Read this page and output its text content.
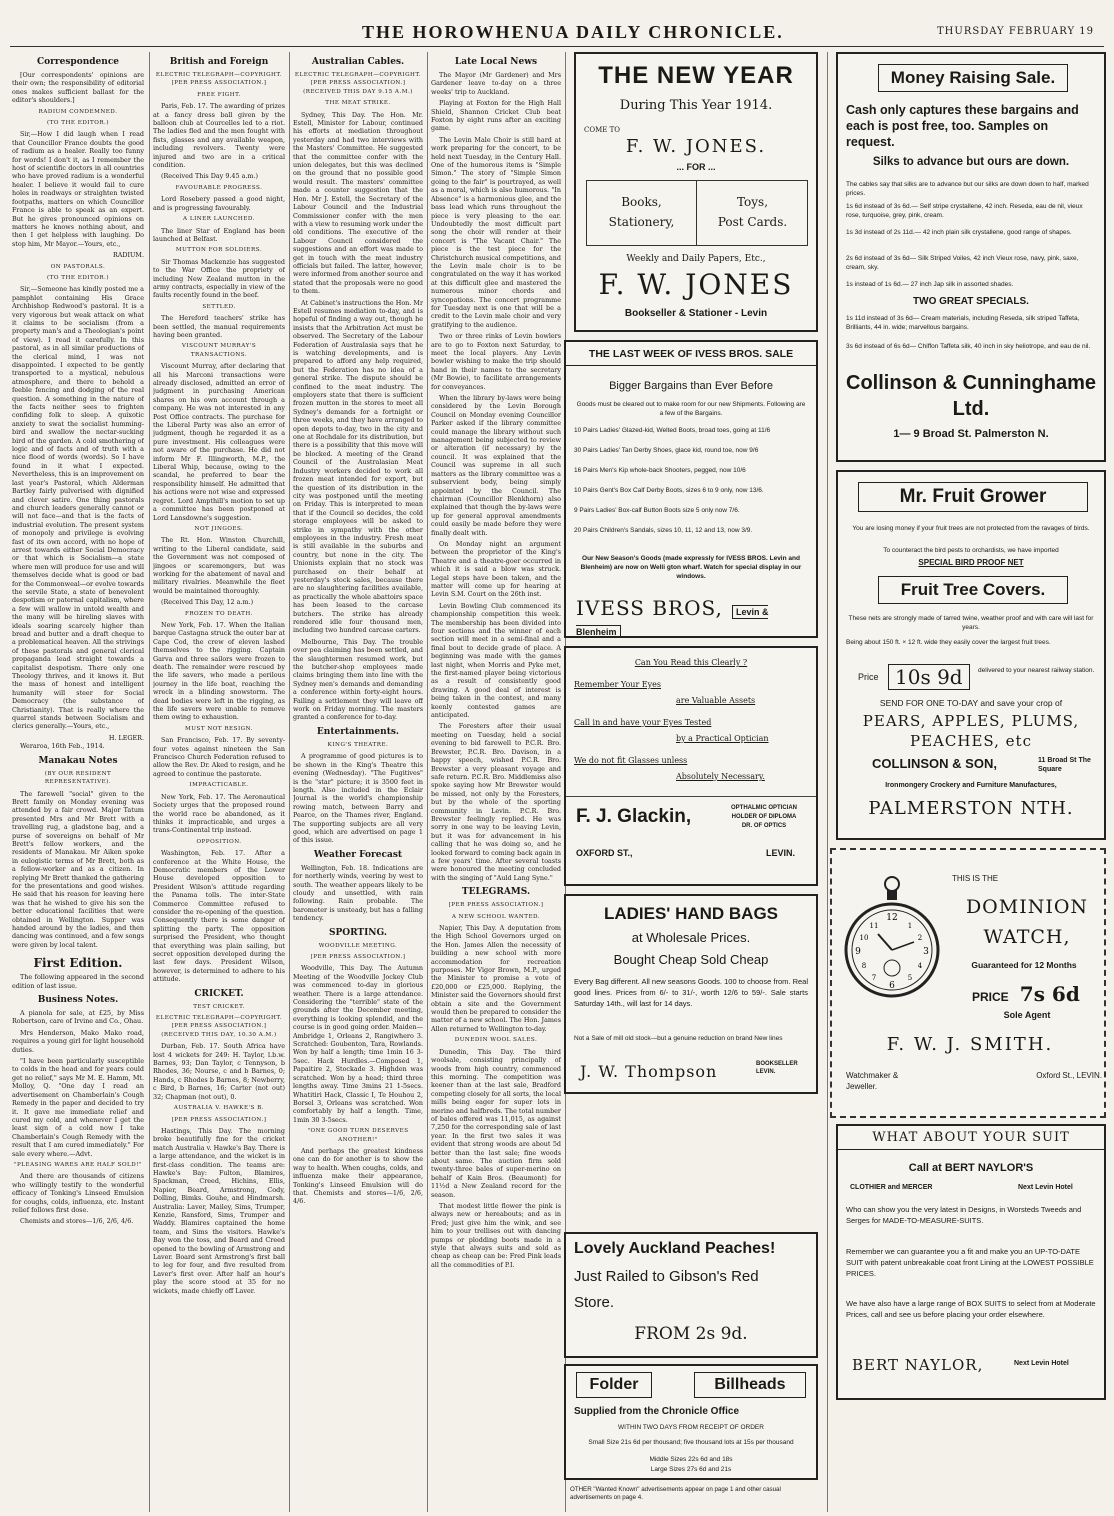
THE HOROWHENUA DAILY CHRONICLE.	THURSDAY FEBRUARY 19
Correspondence

[Our correspondents' opinions are their own; the responsibility of editorial ones makes sufficient ballast for the editor's shoulders.]

RADIUM CONDEMNED.
(TO THE EDITOR.)

Sir,—How I did laugh when I read that Councillor France doubts the good of radium as a healer. Really too funny for words! I don't it, as I remember the host of scientific doctors in all countries who have proved radium is a wonderful healer. I believe it would fail to cure holes in roadways or straighten twisted footpaths, matters on which Councillor France is able to speak as an expert. But he gives pronounced opinions on matters he knows nothing about, and then I get helpless with laughing. Do stop him, Mr Mayor.—Yours, etc.,

RADIUM.
ON PASTORALS.
(TO THE EDITOR.)

Sir,—Someone has kindly posted me a pamphlet containing His Grace Archbishop Redwood's pastoral. It is a very vigorous but weak attack on what it claims to be socialism (from a property man's and a Theologian's point of view). I read it carefully. In this pastoral, as in all similar productions of the clerical mind, I was not disappointed. I expected to be gently transported to a mystical, nebulous atmosphere, and there to behold a feeble fencing and dodging of the real question. A something in the nature of the facts neither sees to frighten confiding folk to sleep. A quixotic anxiety to swat the socialist humming-bird and swallow the nectar-sucking bird of the garden. A cold smothering of logic and of facts and of truth with a nice flood of words (words). So I have found in it what I expected. Nevertheless, this is an improvement on last year's Pastoral, which Alderman Bartley fairly pulverised with dignified and clever satire. One thing pastorals and church leaders generally cannot or will not face—and that is the facts of industrial evolution. The present system of monopoly and privilege is evolving fast of its own accord, with no hope of arrest towards either Social Democracy or that which is Socialism—a state where men will produce for use and will themselves decide what is good or bad for the Commonweal—or evolve towards the servile State, a state of benevolent despotism or paternal capitalism, where a few will wallow in untold wealth and the many will be hireling slaves with ideals soaring scarcely higher than bread and butter and a draft cheque to a problematical heaven. All the strivings of these pastorals and general clerical propaganda lead straight towards a capitalist despotism. There only one Theology thrives, and it knows it. But the mass of honest and intelligent humanity will steer for Social Democracy (the substance of Christianity). That is really where the quarrel stands between Socialism and clerics generally.—Yours, etc.,

H. LEGER.

Weraroa, 16th Feb., 1914.

Manakau Notes
(BY OUR RESIDENT REPRESENTATIVE).

The farewell "social" given to the Brett family on Monday evening was attended by a fair crowd. Major Tatum presented Mrs and Mr Brett with a travelling rug, a gladstone bag, and a purse of sovereigns on behalf of Mr Brett's fellow workers, and the residents of Manakau. Mr Aiken spoke in eulogistic terms of Mr Brett, both as a fellow-worker and as a citizen. In replying Mr Brett thanked the gathering for the presentations and good wishes. He said that his reason for leaving here was that he wished to give his son the better educational facilities that were obtained in Wellington. Supper was handed around by the ladies, and then dancing was continued, and a few songs were given by local talent.

First Edition.

The following appeared in the second edition of last issue.

Business Notes.

A pianola for sale, at £25, by Miss Robertson, care of Irvine and Co., Ohau.

Mrs Henderson, Mako Mako road, requires a young girl for light household duties.

"I have been particularly susceptible to colds in the head and for years could get no relief," says Mr M. E. Hamm, Mt. Molloy, Q. "One day I read an advertisement on Chamberlain's Cough Remedy in the paper and decided to try it. It gave me immediate relief and cured my cold, and whenever I get the least sign of a cold now I take Chamberlain's Cough Remedy with the result that I am cured immediately." For sale every where.—Advt.

"PLEASING WARES ARE HALF SOLD!"

And there are thousands of citizens who willingly testify to the wonderful efficacy of Tonking's Linseed Emulsion for coughs, colds, influenza, etc. Instant relief follows first dose.

Chemists and stores—1/6, 2/6, 4/6.

British and Foreign
ELECTRIC TELEGRAPH—COPYRIGHT. [PER PRESS ASSOCIATION.]
FREE FIGHT.

Paris, Feb. 17. The awarding of prizes at a fancy dress ball given by the balloon club at Courcelles led to a riot. The ladies fled and the men fought with fists, glasses and any available weapon, including revolvers. Twenty were injured and two are in a critical condition.

(Received This Day 9.45 a.m.)

FAVOURABLE PROGRESS.

Lord Rosebery passed a good night, and is progressing favourably.

A LINER LAUNCHED.

The liner Star of England has been launched at Belfast.

MUTTON FOR SOLDIERS.

Sir Thomas Mackenzie has suggested to the War Office the propriety of including New Zealand mutton in the army contracts, especially in view of the faults recently found in the beef.

SETTLED.

The Hereford teachers' strike has been settled, the manual requirements having been granted.

VISCOUNT MURRAY'S TRANSACTIONS.

Viscount Murray, after declaring that all his Marconi transactions were already disclosed, admitted an error of judgment in purchasing American shares on his own account through a company. He was not interested in any Post Office contracts. The purchase for the Liberal Party was also an error of judgment, though he regarded it as a pure investment. His colleagues were not aware of the purchase. He did not inform Mr F. Illingworth, M.P., the Liberal Whip, because, owing to the scandal, he preferred to bear the responsibility himself. He admitted that his actions were not wise and expressed regret. Lord Ampthill's motion to set up a committee has been postponed at Lord Lansdowne's suggestion.

NOT JINGOES.

The Rt. Hon. Winston Churchill, writing to the Liberal candidate, said the Government was not composed of jingoes or scaremongers, but was working for the abatement of naval and military rivalries. Meanwhile the fleet would be maintained thoroughly.

(Received This Day, 12 a.m.)

FROZEN TO DEATH.

New York, Feb. 17. When the Italian barque Castagna struck the outer bar at Cape Cod, the crew of eleven lashed themselves to the rigging. Captain Garva and three sailors were frozen to death. The remainder were rescued by the life savers, who made a perilous journey in the life boat, reaching the wreck in a blinding snowstorm. The dead bodies were left in the rigging, as the life savers were unable to remove them owing to exhaustion.

MUST NOT RESIGN.

San Francisco, Feb. 17. By seventy-four votes against nineteen the San Francisco Church Federation refused to allow the Rev. Dr. Aked to resign, and he agreed to continue the pastorate.

IMPRACTICABLE.

New York, Feb. 17. The Aeronautical Society urges that the proposed round the world race be abandoned, as it thinks it impracticable, and urges a trans-Continental trip instead.

OPPOSITION.

Washington, Feb. 17. After a conference at the White House, the Democratic members of the Lower House developed opposition to President Wilson's attitude regarding the Panama tolls. The inter-State Commerce Committee refused to consider the re-opening of the question. Consequently there is some danger of splitting the party. The opposition surprised the President, who thought that everything was plain sailing, but secret opposition developed during the last few days. President Wilson, however, is determined to adhere to his attitude.

CRICKET.
TEST CRICKET.
ELECTRIC TELEGRAPH—COPYRIGHT. [PER PRESS ASSOCIATION.] (RECEIVED THIS DAY, 10.30 A.M.)

Durban, Feb. 17. South Africa have lost 4 wickets for 249: H. Taylor, l.b.w. Barnes, 93; Dan Taylor, c Tennyson, b Rhodes, 36; Nourse, c and b Barnes, 0; Hands, c Rhodes b Barnes, 8; Newberry, c Bird, b Barnes, 16; Carter (not out) 32; Chapman (not out), 0.

AUSTRALIA V. HAWKE'S B.
[PER PRESS ASSOCIATION.]

Hastings, This Day. The morning broke beautifully fine for the cricket match Australia v. Hawke's Bay. There is a large attendance, and the wicket is in first-class condition. The teams are: Hawke's Bay: Fulton, Blamires, Spackman, Creed, Hichins, Ellis, Napier, Beard, Armstrong, Cody, Dolling, Bimks. Gouhe, and Hindmarsh. Australia: Laver, Mailey, Sims, Trumper, Kenzie, Ransford, Sims, Trumper and Waddy. Blamires captained the home team, and Sims the visitors. Hawke's Bay won the toss, and Beard and Creed opened to the bowling of Armstrong and Laver. Board sent Armstrong's first ball to leg for four, and five resulted from Laver's first over. After half an hour's play the score stood at 35 for no wickets, made chiefly off Laver.

Australian Cables.
ELECTRIC TELEGRAPH—COPYRIGHT. [PER PRESS ASSOCIATION.] (RECEIVED THIS DAY 9.15 A.M.)
THE MEAT STRIKE.

Sydney, This Day. The Hon. Mr. Estell, Minister for Labour, continued his efforts at mediation throughout yesterday and had two interviews with the Masters' Committee. He suggested that the committee confer with the union delegates, but this was declined on the ground that no possible good would result. The masters' committee made a counter suggestion that the Hon. Mr J. Estell, the Secretary of the Labour Council and the Industrial Commissioner confer with the men with a view to resuming work under the old conditions. The executive of the Labour Council considered the suggestions and an effort was made to get in touch with the meat industry officials but failed. The latter, however, were informed from another source and stated that the proposals were no good to them.

At Cabinet's instructions the Hon. Mr Estell resumes mediation to-day, and is hopeful of finding a way out, though he insists that the Arbitration Act must be observed. The Secretary of the Labour Federation of Australasia says that he is watching developments, and is prepared to afford any help required, but the Federation has no idea of a general strike. The dispute should be confined to the meat industry. The employers state that there is sufficient frozen mutton in the stores to meet all Sydney's demands for a fortnight or three weeks, and they have arranged to open depots to-day, two in the city and one at Rochdale for its distribution, but there is a possibility that this move will be blocked. A meeting of the Grand Council of the Australasian Meat Industry workers decided to work all frozen meat intended for export, but the question of its distribution in the city was postponed until the meeting on Friday. This is interpreted to mean that if the Council so decides, the cold storage employees will be asked to strike in sympathy with the other employees in the industry. Fresh meat is still available in the suburbs and country, but none in the city. The Unionists explain that no stock was purchased on their behalf at yesterday's stock sales, because there are no slaughtering facilities available, as practically the whole abattoirs space has been leased to the carcase butchers. The strike has already rendered idle four thousand men, including two hundred carcase carters.

Melbourne, This Day. The trouble over pea claiming has been settled, and the slaughtermen resumed work, but the butcher-shop employees made claims bringing them into line with the Sydney men's demands and demanding a conference within forty-eight hours. Failing a settlement they will leave off work on Friday morning. The masters granted a conference for to-day.

Entertainments.
KING'S THEATRE.

A programme of good pictures is to be shown in the King's Theatre this evening (Wednesday). "The Fugitives" is the "star" picture; it is 3500 feet in length. Also included in the Eclair Journal is the world's championship rowing match, between Barry and Pearce, on the Thames river, England. The supporting subjects are all very good, which are advertised on page 1 of this issue.

Weather Forecast

Wellington, Feb. 18. Indications are for northerly winds, veering by west to south. The weather appears likely to be cloudy and unsettled, with rain following. Rain probable. The barometer is unsteady, but has a falling tendency.

SPORTING.
WOODVILLE MEETING.
[PER PRESS ASSOCIATION.]

Woodville, This Day. The Autumn Meeting of the Woodville Jockey Club was commenced to-day in glorious weather. There is a large attendance. Considering the "terrible" state of the grounds after the December meeting, everything is looking splendid, and the course is in good going order. Maiden—Ambridge 1, Orleans 2, Rangiwhero 3. Scratched: Goubenton, Tara, Rowlands. Won by half a length; time 1min 16 3-5sec. Hack Hurdles.—Composed 1, Papaitire 2, Stockade 3. Highden was scratched. Won by a head; third three lengths away. Time 3mins 21 1-5secs. Whatitiri Hack, Classic I, Te Houhou 2, Borsel 3, Orleans was scratched. Won comfortably by half a length. Time, 1min 30 3-5secs.

"ONE GOOD TURN DESERVES ANOTHER!"

And perhaps the greatest kindness one can do for another is to show the way to health. When coughs, colds, and influenza make their appearance, Tonking's Linseed Emulsion will do that. Chemists and stores—1/6, 2/6, 4/6.

Late Local News

The Mayor (Mr Gardener) and Mrs Gardener leave to-day on a three weeks' trip to Auckland.

Playing at Foxton for the High Hall Shield, Shannon Cricket Club beat Foxton by eight runs after an exciting game.

The Levin Male Choir is still hard at work preparing for the concert, to be held next Tuesday, in the Century Hall. One of the humorous items is "Simple Simon." The story of "Simple Simon going to the fair" is pourtrayed, as well as a moral, which is also humorous. "In Absence" is a harmonious glee, and the bass lead which runs throughout the piece is very pleasing to the ear. Undoubtedly the most difficult part song the choir will render at their concert is "The Vacant Chair." The piece is the test piece for the Christchurch musical competitions, and the Levin male choir is to be congratulated on the way it has worked at this difficult glee and mastered the numerous minor chords and syncopations. The concert programme for Tuesday next is one that will be a credit to the Levin male choir and very gratifying to the audience.

Two or three rinks of Levin bowlers are to go to Foxton next Saturday, to meet the local players. Any Levin bowler wishing to make the trip should hand in their names to the secretary (Mr Bowie), to facilitate arrangements for conveyances.

When the library by-laws were being considered by the Levin Borough Council on Monday evening Councillor Parker asked if the library committee could manage the library without such management being subjected to review or alteration (if necessary) by the council. It was explained that the Council was supreme in all such matters as the library committee was a subservient body, being simply appointed by the Council. The chairman (Councillor Blenkhorn) also explained that though the by-laws were up for general approval amendments could easily be made before they were finally dealt with.

On Monday night an argument between the proprietor of the King's Theatre and a theatre-goer occurred in which it is said a blow was struck. Legal steps have been taken, and the matter will come up for hearing at Levin S.M. Court on the 26th inst.

Levin Bowling Club commenced its championship competition this week. The membership has been divided into four sections and the winner of each section will meet in a semi-final and a final bout to decide grade of place. A beginning was made with the games last night, when Morris and Pyke met, the first-named player being victorious as a result of consistently good drawing. A good deal of interest is being taken in the contest, and many keenly contested games are anticipated.

The Foresters after their usual meeting on Tuesday, held a social evening to bid farewell to P.C.R. Bro. Brewster, P.C.R. Bro. Davison, in a happy speech, wished P.C.R. Bro. Brewster a very pleasant voyage and safe return. P.C.R. Bro. Middlemiss also spoke saying how Mr Brewster would be missed, not only by the Foresters, but by the whole of the sporting community in Levin. P.C.R. Bro. Brewster feelingly replied. He was sorry in one way to be leaving Levin, but it was for advancement in his calling that he was doing so, and he looked forward to coming back again in a few years' time. After several toasts were honoured the meeting concluded with the singing of "Auld Lang Syne."

TELEGRAMS.
[PER PRESS ASSOCIATION.]
A NEW SCHOOL WANTED.

Napier, This Day. A deputation from the High School Governors urged on the Hon. James Allen the necessity of building a new school with more accommodation for recreation purposes. Mr Vigor Brown, M.P., urged the Minister to promise a vote of £20,000 or £25,000. Replying, the Minister said the Governors should first obtain a site and the Government would then be prepared to consider the matter of a new school. The Hon. James Allen returned to Wellington to-day.

DUNEDIN WOOL SALES.

Dunedin, This Day. The third woolsale, consisting principally of woods from high country, commenced this morning. The competition was keener than at the last sale, Bradford competing closely for all sorts, the local mills being eager for super lots in merino and halfbreds. The total number of bales offered was 11,015, as against 7,250 for the corresponding sale of last year. In the first two sales it was evident that strong woods are about 5d better than the last sale; fine woods about same. The auction firm sold twenty-three bales of super-merino on behalf of Kain Bros. (Beaumont) for 11½d a New Zealand record for the season.

That modest little flower the pink is always new or hereabouts; and as in Fred; just give him the wink, and see him to your trellises out with dancing pumps or plodding boots made in a style that always suits and sold as cheap as cheap can be: Fred Pink leads all the commodities of P.I.

THE NEW YEAR
During This Year 1914.
COME TO
F. W. JONES.
... FOR ...
Books,
Stationery,
Toys,
Post Cards.
Weekly and Daily Papers, Etc.,
F. W. JONES
Bookseller & Stationer - Levin
Money Raising Sale.
Cash only captures these bargains and each is post free, too. Samples on request.
Silks to advance but ours are down.
The cables say that silks are to advance but our silks are down down to half, marked prices.
1s 6d instead of 3s 6d.— Self stripe crystallene, 42 inch. Reseda, eau de nil, vieux rose, turquoise, grey, pink, cream.
1s 3d instead of 2s 11d.— 42 inch plain silk crystallene, good range of shapes.
2s 6d instead of 3s 6d— Silk Striped Voiles, 42 inch Vieux rose, navy, pink, saxe, cream, sky.
1s instead of 1s 6d.— 27 inch Jap silk in assorted shades.
TWO GREAT SPECIALS.
1s 11d instead of 3s 6d— Cream materials, including Reseda, silk striped Taffeta, Brilliants, 44 in. wide; marvellous bargains.
3s 6d instead of 6s 6d— Chiffon Taffeta silk, 40 inch in sky heliotrope, and eau de nil.
Collinson & Cunninghame
Ltd.
1— 9 Broad St. Palmerston N.
THE LAST WEEK OF IVESS BROS. SALE
Bigger Bargains than Ever Before
Goods must be cleared out to make room for our new Shipments. Following are a few of the Bargains.
10 Pairs Ladies' Glazed-kid, Welted Boots, broad toes, going at 11/6
30 Pairs Ladies' Tan Derby Shoes, glace kid, round toe, now 9/6
16 Pairs Men's Kip whole-back Shooters, pegged, now 10/6
10 Pairs Gent's Box Calf Derby Boots, sizes 6 to 9 only, now 13/6.
9 Pairs Ladies' Box-calf Button Boots size 5 only now 7/6.
20 Pairs Children's Sandals, sizes 10, 11, 12 and 13, now 3/9.
Our New Season's Goods (made expressly for IVESS BROS. Levin and Blenheim) are now on Welli gton wharf. Watch for special display in our windows.
IVESS BROS, Levin & Blenheim
Mr. Fruit Grower
You are losing money if your fruit trees are not protected from the ravages of birds.
To counteract the bird pests to orchardists, we have imported
SPECIAL BIRD PROOF NET
Fruit Tree Covers.
These nets are strongly made of tarred twine, weather proof and with care will last for years.
Being about 150 ft. × 12 ft. wide they easily cover the largest fruit trees.
Price 10s 9d	delivered to your nearest railway station.
SEND FOR ONE TO-DAY and save your crop of
PEARS, APPLES, PLUMS,
PEACHES, etc
COLLINSON & SON,	11 Broad St The Square
Ironmongery Crockery and Furniture Manufactures,
PALMERSTON NTH.
Can You Read this Clearly ?
Remember Your Eyes
are Valuable Assets
Call in and have your Eyes Tested
by a Practical Optician
We do not fit Glasses unless
Absolutely Necessary.
F. J. Glackin,	OPTHALMIC OPTICIAN
HOLDER OF DIPLOMA
DR. OF OPTICS
OXFORD ST.,	LEVIN.
12
3
6
9
1
2
4
5
7
8
10
11
THIS IS THE
DOMINION
WATCH,
Guaranteed for 12 Months
PRICE 7s 6d
Sole Agent
F. W. J. SMITH.
Watchmaker & Jeweller.
Oxford St., LEVIN.
LADIES' HAND BAGS
at Wholesale Prices.
Bought Cheap Sold Cheap
Every Bag different. All new seasons Goods. 100 to choose from. Real good lines. Prices from 6/- to 31/-, worth 12/6 to 59/-. Sale starts Saturday 14th., will last for 14 days.
Not a Sale of mill old stock—but a genuine reduction on brand New lines
J. W. Thompson	BOOKSELLER LEVIN.
WHAT ABOUT YOUR SUIT
Call at BERT NAYLOR'S
CLOTHIER and MERCER	Next Levin Hotel
Who can show you the very latest in Designs, in Worsteds Tweeds and Serges for MADE-TO-MEASURE-SUITS.
Remember we can guarantee you a fit and make you an UP-TO-DATE SUIT with patent unbreakable coat front Lining at the LOWEST POSSIBLE PRICES.
We have also have a large range of BOX SUITS to select from at Moderate Prices, call and see us before placing your order elsewhere.
BERT NAYLOR,	Next Levin Hotel
Lovely Auckland Peaches!
Just Railed to Gibson's Red
Store.
FROM 2s 9d.
Folder	Billheads
Supplied from the Chronicle Office
WITHIN TWO DAYS FROM RECEIPT OF ORDER
Small Size 21s 6d per thousand; five thousand lots at 15s per thousand
Middle Sizes 22s 6d and 18s
Large Sizes 27s 6d and 21s
OTHER "Wanted Known" advertisements appear on page 1 and other casual advertisements on page 4.
